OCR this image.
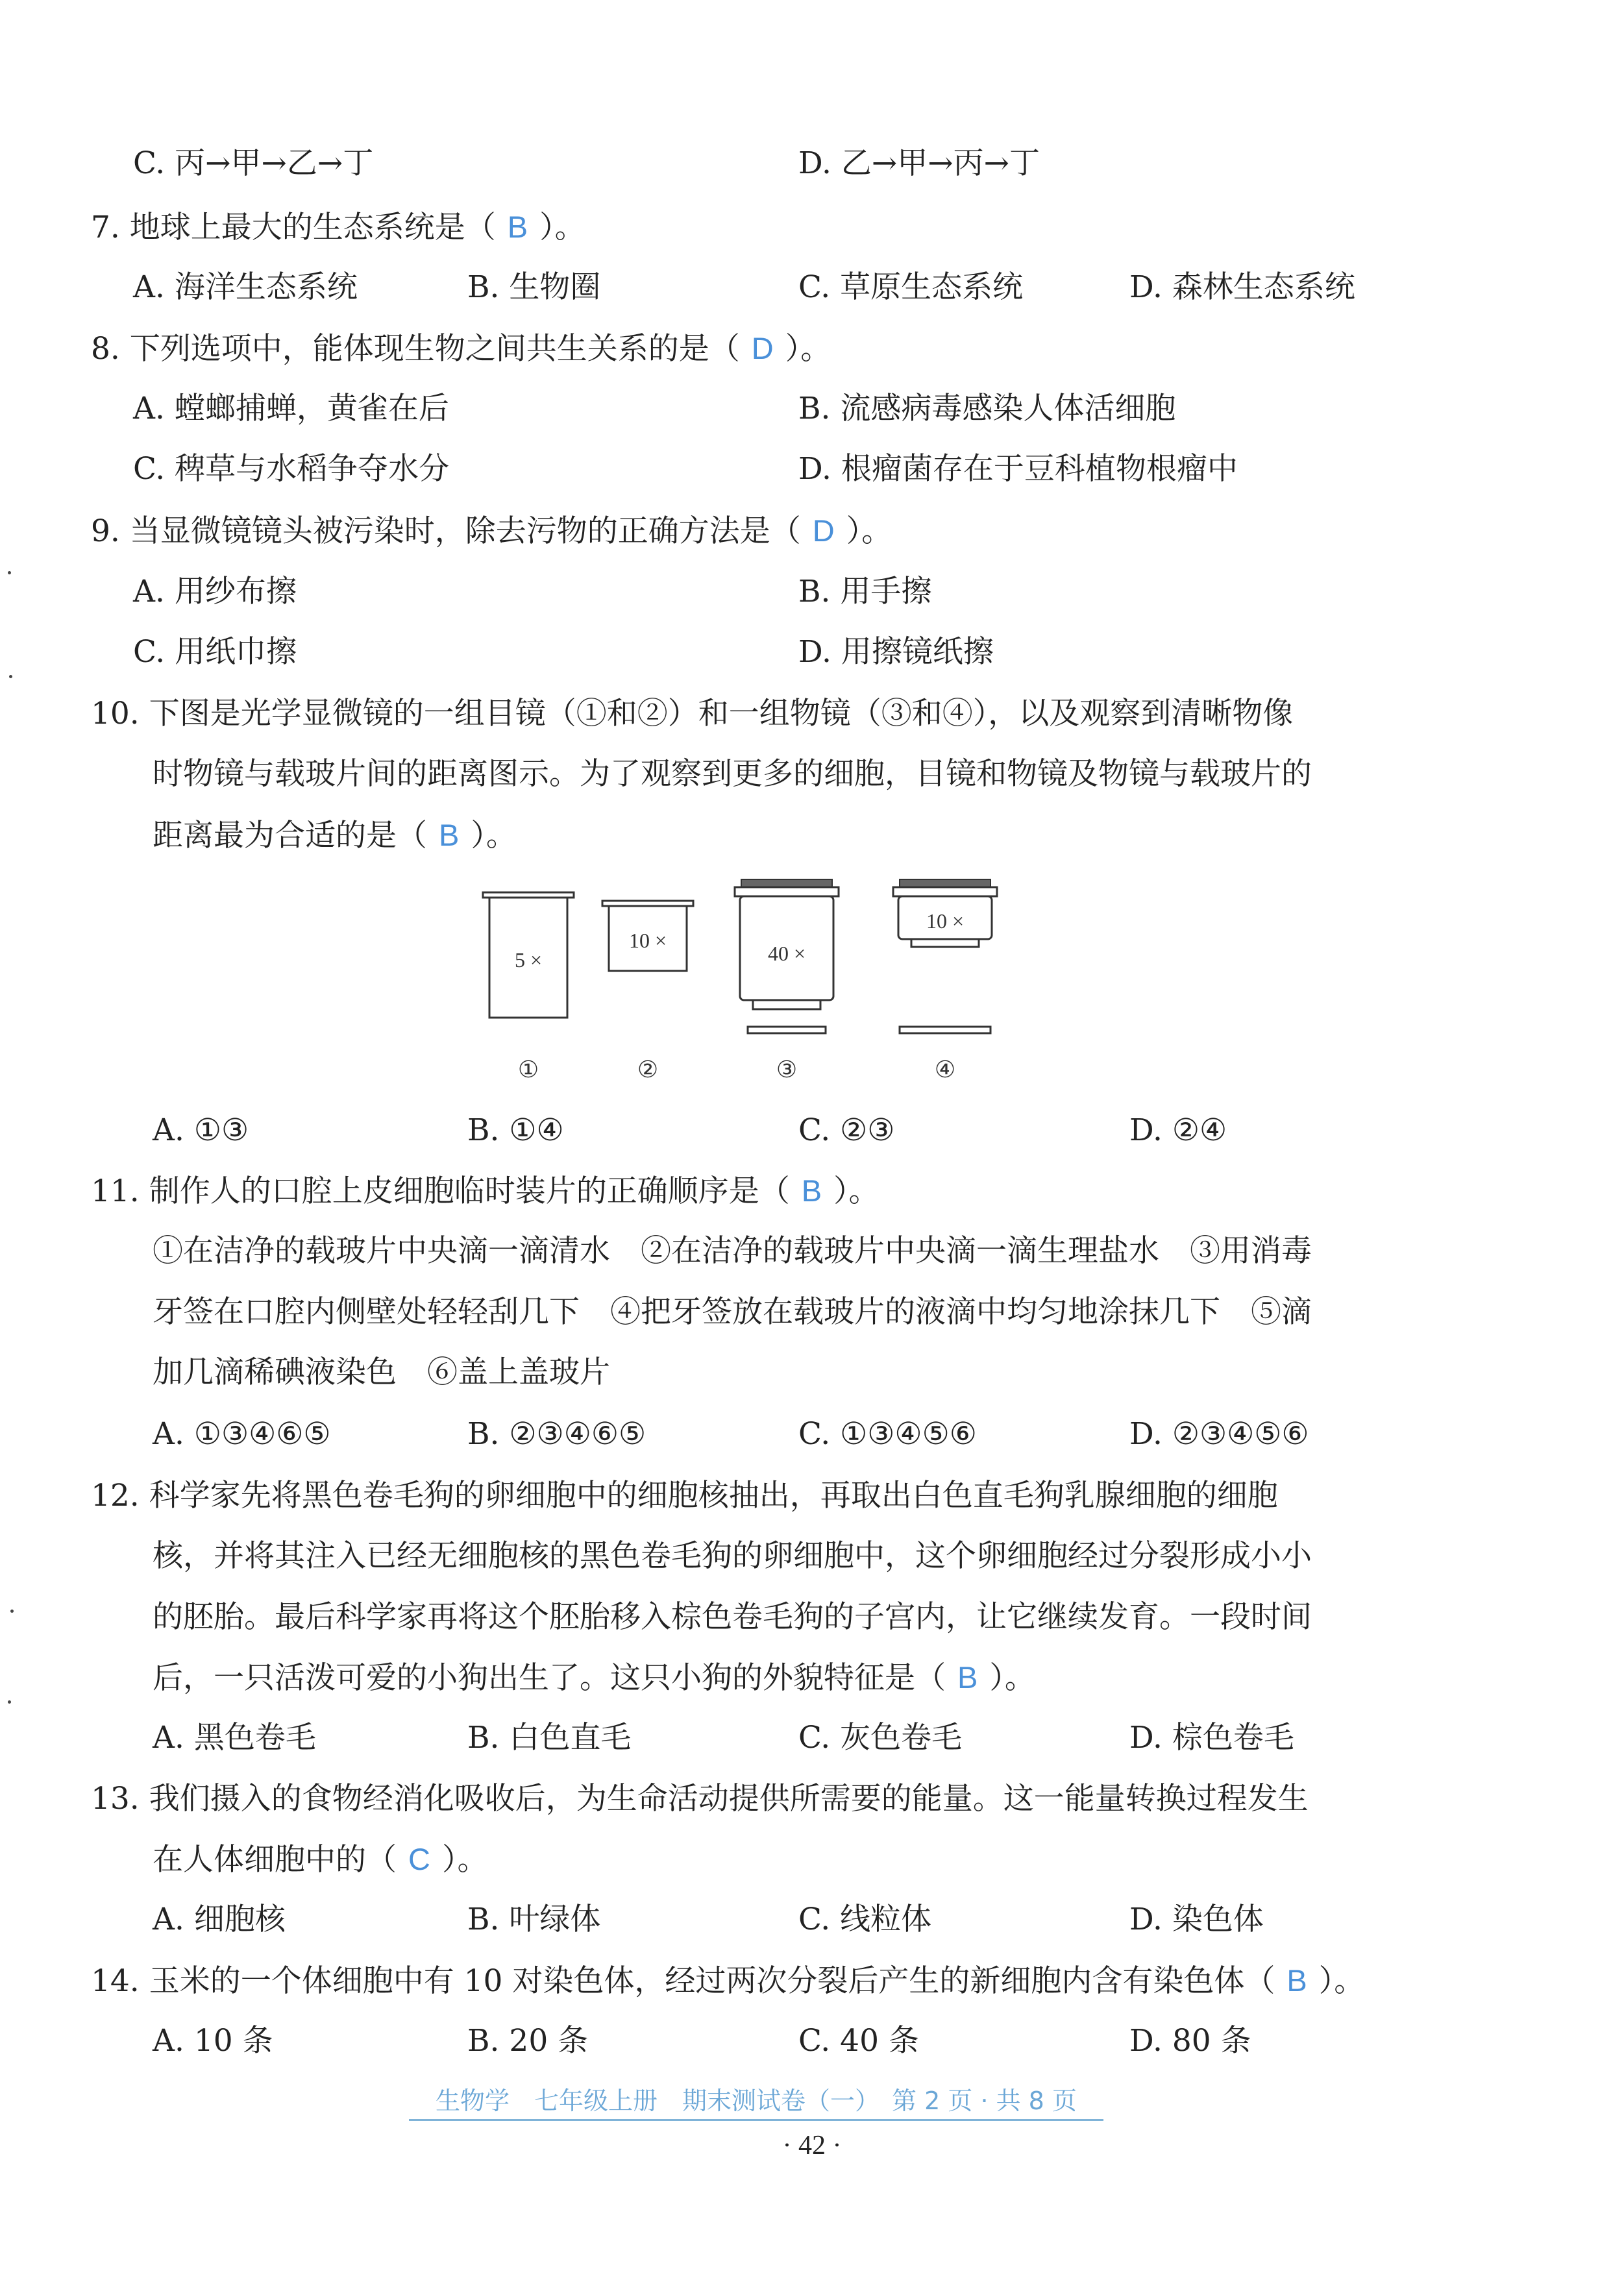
C. 丙→甲→乙→丁	D. 乙→甲→丙→丁
7. 地球上最大的生态系统是（ B ）。
A. 海洋生态系统	B. 生物圈	C. 草原生态系统	D. 森林生态系统
8. 下列选项中，能体现生物之间共生关系的是（ D ）。
A. 螳螂捕蝉，黄雀在后	B. 流感病毒感染人体活细胞
C. 稗草与水稻争夺水分	D. 根瘤菌存在于豆科植物根瘤中
9. 当显微镜镜头被污染时，除去污物的正确方法是（ D ）。
A. 用纱布擦	B. 用手擦
C. 用纸巾擦	D. 用擦镜纸擦
10. 下图是光学显微镜的一组目镜（①和②）和一组物镜（③和④），以及观察到清晰物像
时物镜与载玻片间的距离图示。为了观察到更多的细胞，目镜和物镜及物镜与载玻片的
距离最为合适的是（ B ）。
5 ×
10 ×
40 ×
10 ×
①	②	③	④
A. ①③	B. ①④	C. ②③	D. ②④
11. 制作人的口腔上皮细胞临时装片的正确顺序是（ B ）。
①在洁净的载玻片中央滴一滴清水　②在洁净的载玻片中央滴一滴生理盐水　③用消毒
牙签在口腔内侧壁处轻轻刮几下　④把牙签放在载玻片的液滴中均匀地涂抹几下　⑤滴
加几滴稀碘液染色　⑥盖上盖玻片
A. ①③④⑥⑤	B. ②③④⑥⑤	C. ①③④⑤⑥	D. ②③④⑤⑥
12. 科学家先将黑色卷毛狗的卵细胞中的细胞核抽出，再取出白色直毛狗乳腺细胞的细胞
核，并将其注入已经无细胞核的黑色卷毛狗的卵细胞中，这个卵细胞经过分裂形成小小
的胚胎。最后科学家再将这个胚胎移入棕色卷毛狗的子宫内，让它继续发育。一段时间
后，一只活泼可爱的小狗出生了。这只小狗的外貌特征是（ B ）。
A. 黑色卷毛	B. 白色直毛	C. 灰色卷毛	D. 棕色卷毛
13. 我们摄入的食物经消化吸收后，为生命活动提供所需要的能量。这一能量转换过程发生
在人体细胞中的（ C ）。
A. 细胞核	B. 叶绿体	C. 线粒体	D. 染色体
14. 玉米的一个体细胞中有 10 对染色体，经过两次分裂后产生的新细胞内含有染色体（ B ）。
A. 10 条	B. 20 条	C. 40 条	D. 80 条
生物学　七年级上册　期末测试卷（一）　第 2 页 · 共 8 页
· 42 ·
